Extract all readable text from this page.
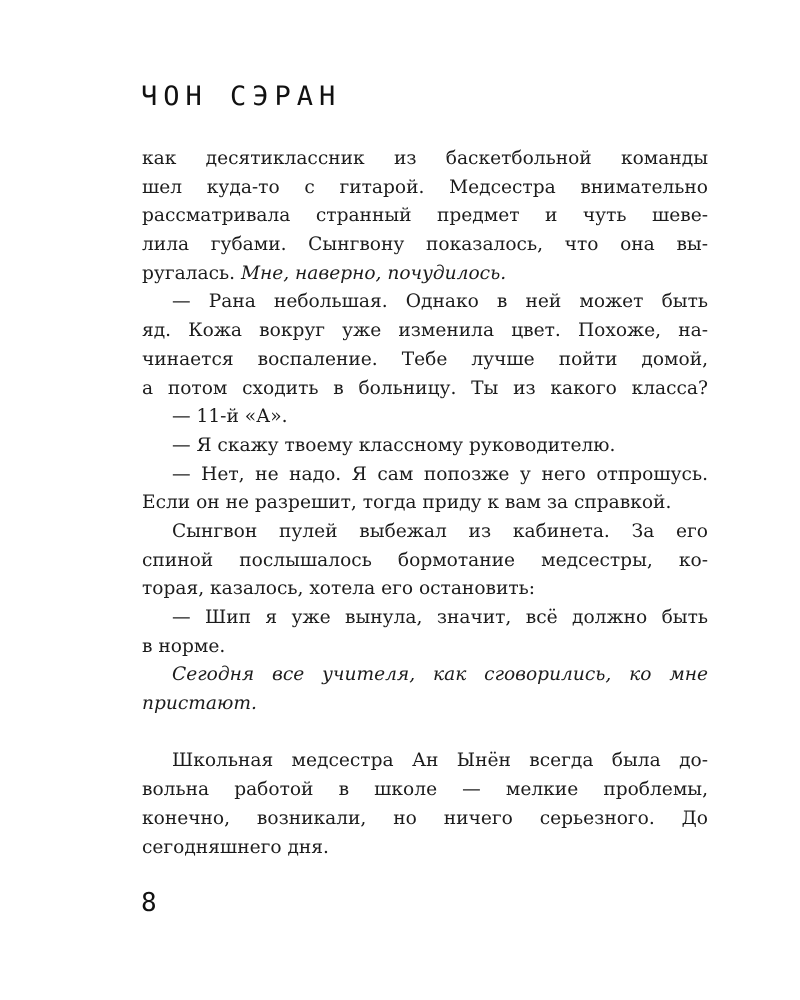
ЧОН СЭРАН
как десятиклассник из баскетбольной команды
шел куда-то с гитарой. Медсестра внимательно
рассматривала странный предмет и чуть шеве-
лила губами. Сынгвону показалось, что она вы-
ругалась. Мне, наверно, почудилось.
— Рана небольшая. Однако в ней может быть
яд. Кожа вокруг уже изменила цвет. Похоже, на-
чинается воспаление. Тебе лучше пойти домой,
а потом сходить в больницу. Ты из какого класса?
— 11-й «А».
— Я скажу твоему классному руководителю.
— Нет, не надо. Я сам попозже у него отпрошусь.
Если он не разрешит, тогда приду к вам за справкой.
Сынгвон пулей выбежал из кабинета. За его
спиной послышалось бормотание медсестры, ко-
торая, казалось, хотела его остановить:
— Шип я уже вынула, значит, всё должно быть
в норме.
Сегодня все учителя, как сговорились, ко мне
пристают.
Школьная медсестра Ан Ынён всегда была до-
вольна работой в школе — мелкие проблемы,
конечно, возникали, но ничего серьезного. До
сегодняшнего дня.
8
